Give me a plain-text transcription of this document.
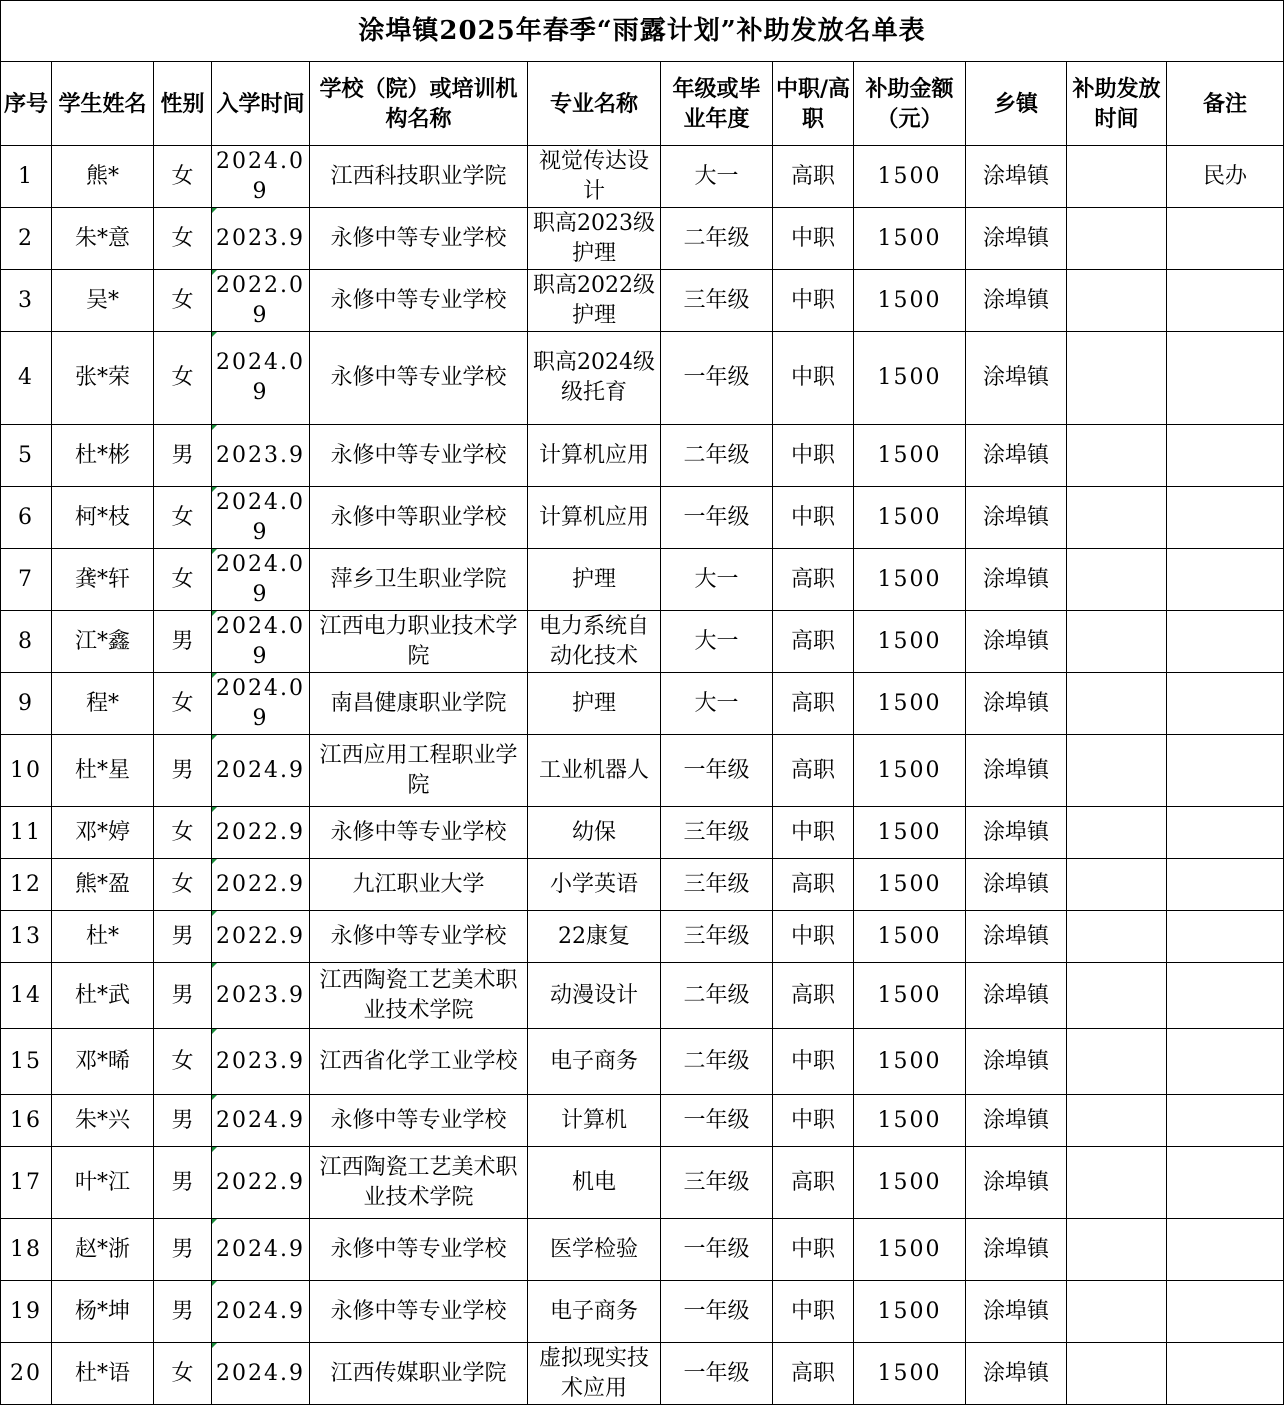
涂埠镇2025年春季“雨露计划”补助发放名单表											
序号	学生姓名	性别	入学时间	学校（院）或培训机构名称	专业名称	年级或毕业年度	中职/高职	补助金额（元）	乡镇	补助发放时间	备注
1	熊*	女	2024.09	江西科技职业学院	视觉传达设计	大一	高职	1500	涂埠镇		民办
2	朱*意	女	2023.9	永修中等专业学校	职高2023级护理	二年级	中职	1500	涂埠镇		
3	吴*	女	2022.09	永修中等专业学校	职高2022级护理	三年级	中职	1500	涂埠镇		
4	张*荣	女	2024.09	永修中等专业学校	职高2024级级托育	一年级	中职	1500	涂埠镇		
5	杜*彬	男	2023.9	永修中等专业学校	计算机应用	二年级	中职	1500	涂埠镇		
6	柯*枝	女	2024.09	永修中等职业学校	计算机应用	一年级	中职	1500	涂埠镇		
7	龚*轩	女	2024.09	萍乡卫生职业学院	护理	大一	高职	1500	涂埠镇		
8	江*鑫	男	2024.09	江西电力职业技术学院	电力系统自动化技术	大一	高职	1500	涂埠镇		
9	程*	女	2024.09	南昌健康职业学院	护理	大一	高职	1500	涂埠镇		
10	杜*星	男	2024.9	江西应用工程职业学院	工业机器人	一年级	高职	1500	涂埠镇		
11	邓*婷	女	2022.9	永修中等专业学校	幼保	三年级	中职	1500	涂埠镇		
12	熊*盈	女	2022.9	九江职业大学	小学英语	三年级	高职	1500	涂埠镇		
13	杜*	男	2022.9	永修中等专业学校	22康复	三年级	中职	1500	涂埠镇		
14	杜*武	男	2023.9	江西陶瓷工艺美术职业技术学院	动漫设计	二年级	高职	1500	涂埠镇		
15	邓*晞	女	2023.9	江西省化学工业学校	电子商务	二年级	中职	1500	涂埠镇		
16	朱*兴	男	2024.9	永修中等专业学校	计算机	一年级	中职	1500	涂埠镇		
17	叶*江	男	2022.9	江西陶瓷工艺美术职业技术学院	机电	三年级	高职	1500	涂埠镇		
18	赵*浙	男	2024.9	永修中等专业学校	医学检验	一年级	中职	1500	涂埠镇		
19	杨*坤	男	2024.9	永修中等专业学校	电子商务	一年级	中职	1500	涂埠镇		
20	杜*语	女	2024.9	江西传媒职业学院	虚拟现实技术应用	一年级	高职	1500	涂埠镇		
